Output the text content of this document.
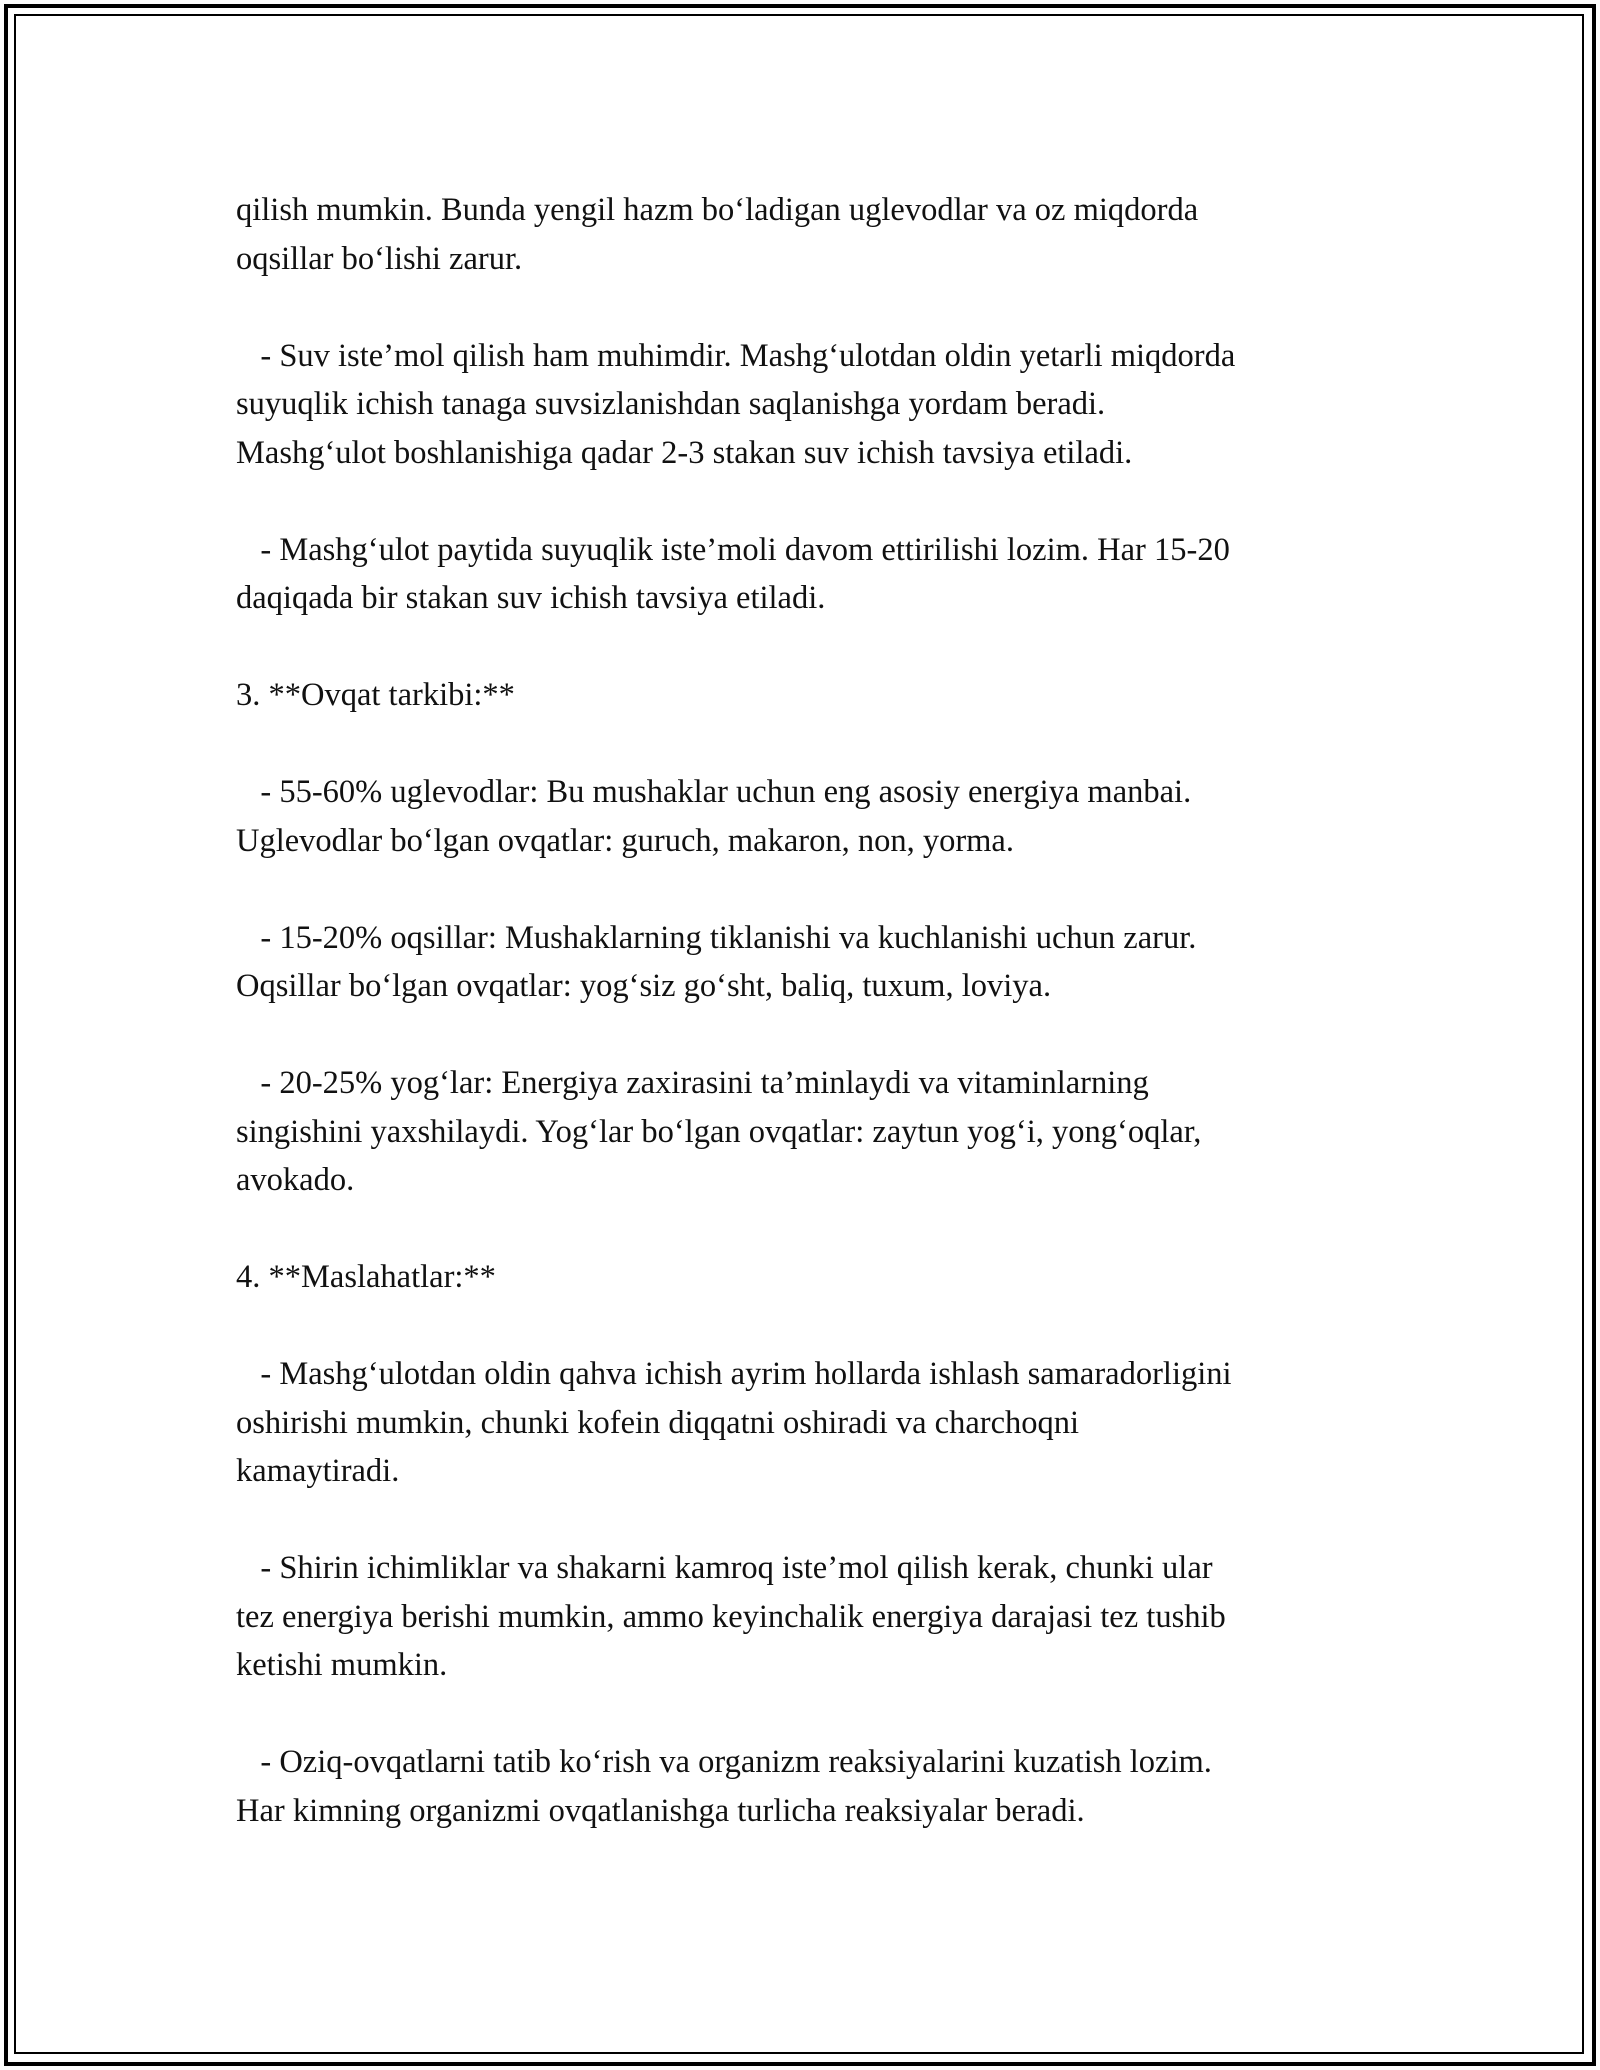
qilish mumkin. Bunda yengil hazm bo‘ladigan uglevodlar va oz miqdorda
oqsillar bo‘lishi zarur.
- Suv iste’mol qilish ham muhimdir. Mashg‘ulotdan oldin yetarli miqdorda
suyuqlik ichish tanaga suvsizlanishdan saqlanishga yordam beradi.
Mashg‘ulot boshlanishiga qadar 2-3 stakan suv ichish tavsiya etiladi.
- Mashg‘ulot paytida suyuqlik iste’moli davom ettirilishi lozim. Har 15-20
daqiqada bir stakan suv ichish tavsiya etiladi.
3. **Ovqat tarkibi:**
- 55-60% uglevodlar: Bu mushaklar uchun eng asosiy energiya manbai.
Uglevodlar bo‘lgan ovqatlar: guruch, makaron, non, yorma.
- 15-20% oqsillar: Mushaklarning tiklanishi va kuchlanishi uchun zarur.
Oqsillar bo‘lgan ovqatlar: yog‘siz go‘sht, baliq, tuxum, loviya.
- 20-25% yog‘lar: Energiya zaxirasini ta’minlaydi va vitaminlarning
singishini yaxshilaydi. Yog‘lar bo‘lgan ovqatlar: zaytun yog‘i, yong‘oqlar,
avokado.
4. **Maslahatlar:**
- Mashg‘ulotdan oldin qahva ichish ayrim hollarda ishlash samaradorligini
oshirishi mumkin, chunki kofein diqqatni oshiradi va charchoqni
kamaytiradi.
- Shirin ichimliklar va shakarni kamroq iste’mol qilish kerak, chunki ular
tez energiya berishi mumkin, ammo keyinchalik energiya darajasi tez tushib
ketishi mumkin.
- Oziq-ovqatlarni tatib ko‘rish va organizm reaksiyalarini kuzatish lozim.
Har kimning organizmi ovqatlanishga turlicha reaksiyalar beradi.
